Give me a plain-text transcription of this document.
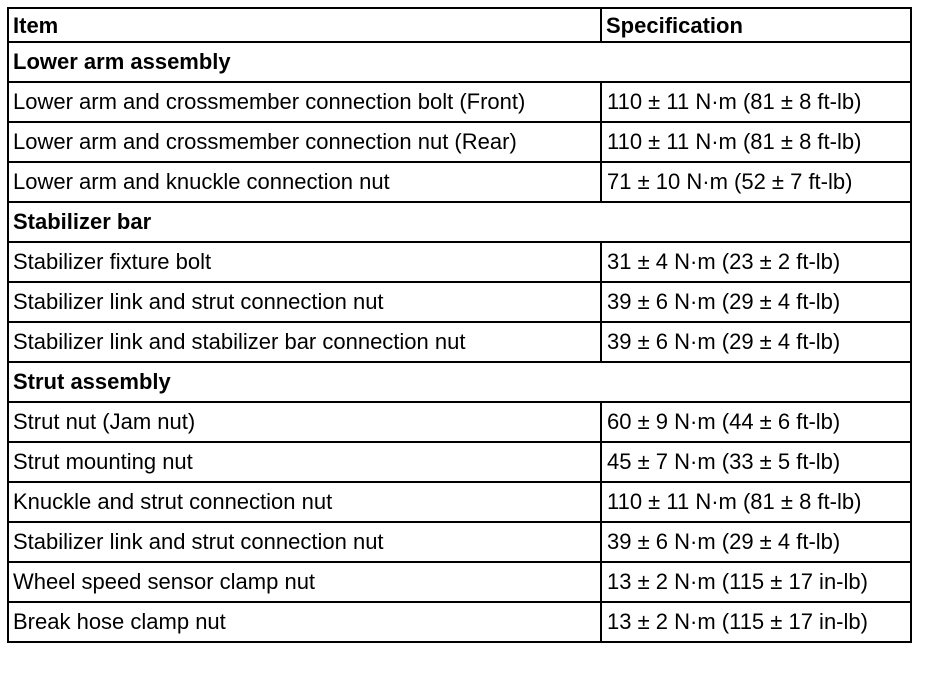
Item	Specification
Lower arm assembly	
Lower arm and crossmember connection bolt (Front)	110 ± 11 N·m (81 ± 8 ft-lb)
Lower arm and crossmember connection nut (Rear)	110 ± 11 N·m (81 ± 8 ft-lb)
Lower arm and knuckle connection nut	71 ± 10 N·m (52 ± 7 ft-lb)
Stabilizer bar	
Stabilizer fixture bolt	31 ± 4 N·m (23 ± 2 ft-lb)
Stabilizer link and strut connection nut	39 ± 6 N·m (29 ± 4 ft-lb)
Stabilizer link and stabilizer bar connection nut	39 ± 6 N·m (29 ± 4 ft-lb)
Strut assembly	
Strut nut (Jam nut)	60 ± 9 N·m (44 ± 6 ft-lb)
Strut mounting nut	45 ± 7 N·m (33 ± 5 ft-lb)
Knuckle and strut connection nut	110 ± 11 N·m (81 ± 8 ft-lb)
Stabilizer link and strut connection nut	39 ± 6 N·m (29 ± 4 ft-lb)
Wheel speed sensor clamp nut	13 ± 2 N·m (115 ± 17 in-lb)
Break hose clamp nut	13 ± 2 N·m (115 ± 17 in-lb)
